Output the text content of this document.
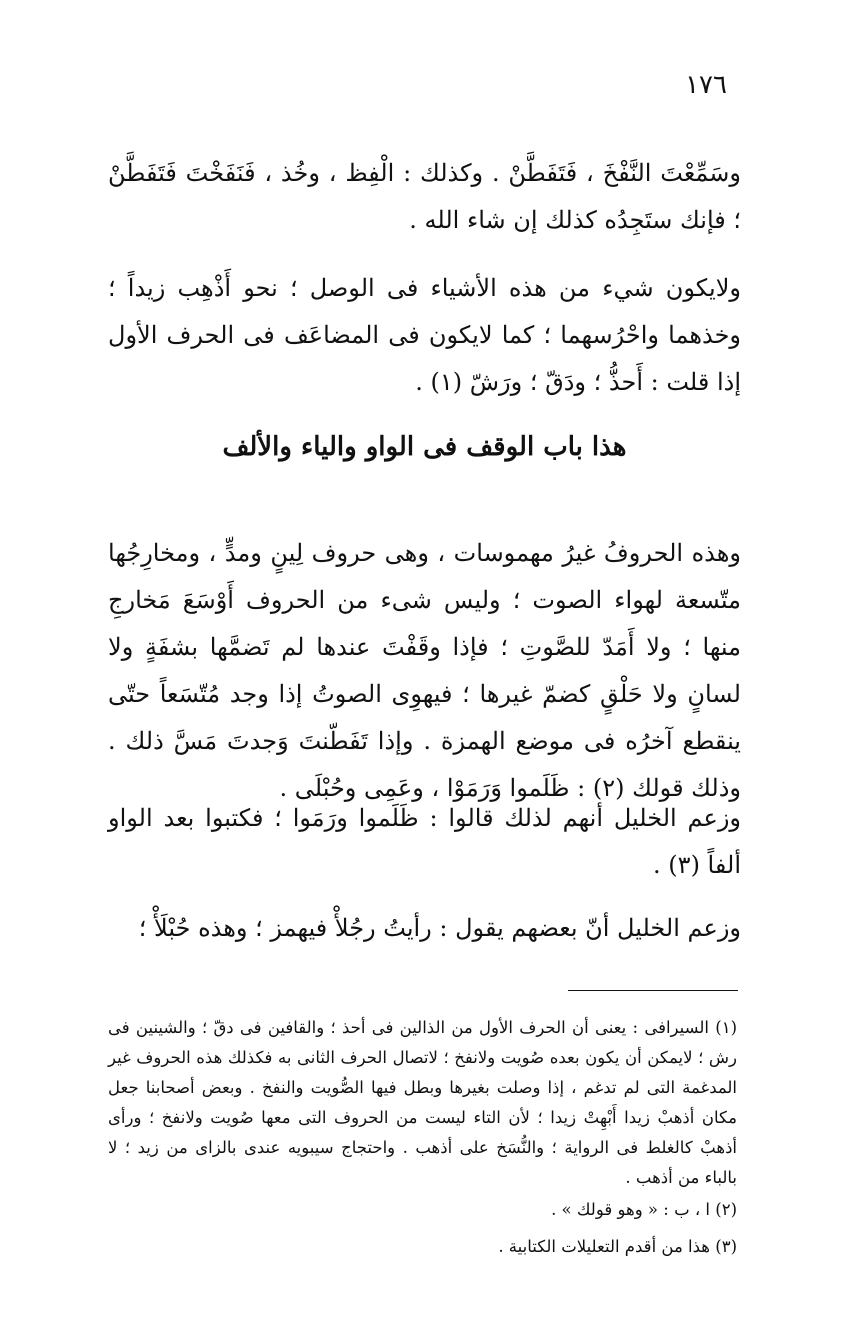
١٧٦
وسَمِّعْتَ النَّفْخَ ، فَتَفَطَّنْ . وكذلك : الْفِظ ، وخُذ ، فَنَفَخْتَ فَتَفَطَّنْ ؛ فإنك ستَجِدُه كذلك إن شاء الله .
ولايكون شيء من هذه الأشياء فى الوصل ؛ نحو أَذْهِب زيداً ؛ وخذهما واحْرُسهما ؛ كما لايكون فى المضاعَف فى الحرف الأول إذا قلت : أَحذُّ ؛ ودَقّ ؛ ورَشّ (١) .
هذا باب الوقف فى الواو والياء والألف
وهذه الحروفُ غيرُ مهموسات ، وهى حروف لِينٍ ومدٍّ ، ومخارِجُها متّسعة لهواء الصوت ؛ وليس شىء من الحروف أَوْسَعَ مَخارجِ منها ؛ ولا أَمَدّ للصَّوتِ ؛ فإذا وقَفْتَ عندها لم تَضمَّها بشفَةٍ ولا لسانٍ ولا حَلْقٍ كضمّ غيرها ؛ فيهوِى الصوتُ إذا وجد مُتّسَعاً حتّى ينقطع آخرُه فى موضع الهمزة . وإذا تَفَطّنتَ وَجدتَ مَسَّ ذلك . وذلك قولك (٢) : ظَلَموا وَرَمَوْا ، وعَمِى وحُبْلَى .
وزعم الخليل أنهم لذلك قالوا : ظَلَموا ورَمَوا ؛ فكتبوا بعد الواو ألفاً (٣) .
وزعم الخليل أنّ بعضهم يقول : رأيتُ رجُلأْ فيهمز ؛ وهذه حُبْلَأْ ؛
(١) السيرافى : يعنى أن الحرف الأول من الذالين فى أحذ ؛ والقافين فى دقّ ؛ والشينين فى رش ؛ لايمكن أن يكون بعده صُويت ولانفخ ؛ لاتصال الحرف الثانى به فكذلك هذه الحروف غير المدغمة التى لم تدغم ، إذا وصلت بغيرها وبطل فيها الصُّويت والنفخ . وبعض أصحابنا جعل مكان أذهبْ زيدا أَبْهِتْ زيدا ؛ لأن التاء ليست من الحروف التى معها صُويت ولانفخ ؛ ورأى أذهبْ كالغلط فى الرواية ؛ والنُّسَخ على أذهب . واحتجاج سيبويه عندى بالزاى من زيد ؛ لا بالباء من أذهب .
(٢) ا ، ب : « وهو قولك » .
(٣) هذا من أقدم التعليلات الكتابية .
